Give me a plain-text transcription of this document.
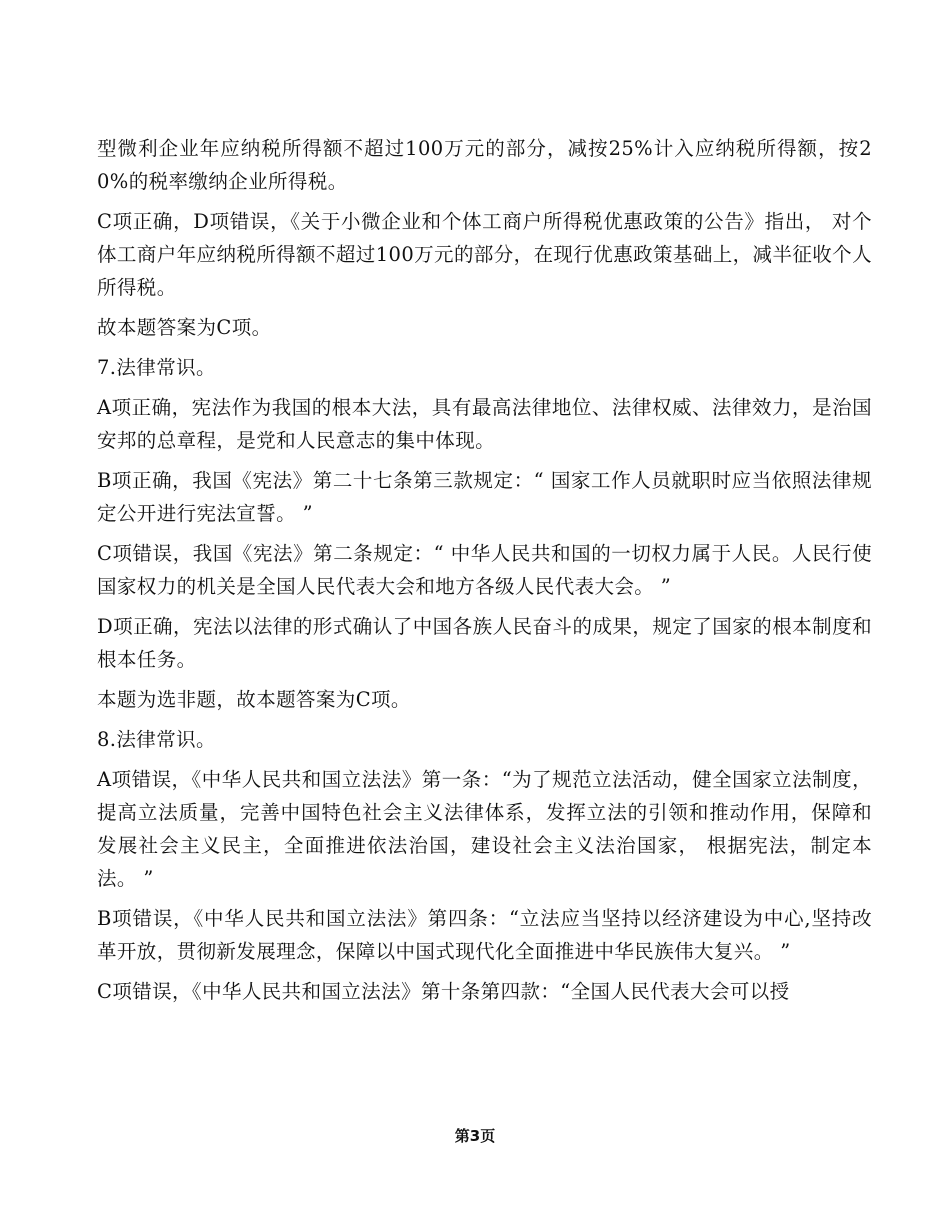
型微利企业年应纳税所得额不超过100万元的部分，减按25%计入应纳税所得额，按20%的税率缴纳企业所得税。

C项正确，D项错误，《关于小微企业和个体工商户所得税优惠政策的公告》指出， 对个体工商户年应纳税所得额不超过100万元的部分，在现行优惠政策基础上，减半征收个人所得税。

故本题答案为C项。

7.法律常识。

A项正确，宪法作为我国的根本大法，具有最高法律地位、法律权威、法律效力，是治国安邦的总章程，是党和人民意志的集中体现。

B项正确，我国《宪法》第二十七条第三款规定：“ 国家工作人员就职时应当依照法律规定公开进行宪法宣誓。 ”

C项错误，我国《宪法》第二条规定：“ 中华人民共和国的一切权力属于人民。人民行使国家权力的机关是全国人民代表大会和地方各级人民代表大会。 ”

D项正确，宪法以法律的形式确认了中国各族人民奋斗的成果，规定了国家的根本制度和根本任务。

本题为选非题，故本题答案为C项。

8.法律常识。

A项错误，《中华人民共和国立法法》第一条：“为了规范立法活动，健全国家立法制度，提高立法质量，完善中国特色社会主义法律体系，发挥立法的引领和推动作用，保障和发展社会主义民主，全面推进依法治国，建设社会主义法治国家， 根据宪法，制定本法。 ”

B项错误，《中华人民共和国立法法》第四条：“立法应当坚持以经济建设为中心,坚持改革开放，贯彻新发展理念，保障以中国式现代化全面推进中华民族伟大复兴。 ”

C项错误，《中华人民共和国立法法》第十条第四款：“全国人民代表大会可以授

第3页
